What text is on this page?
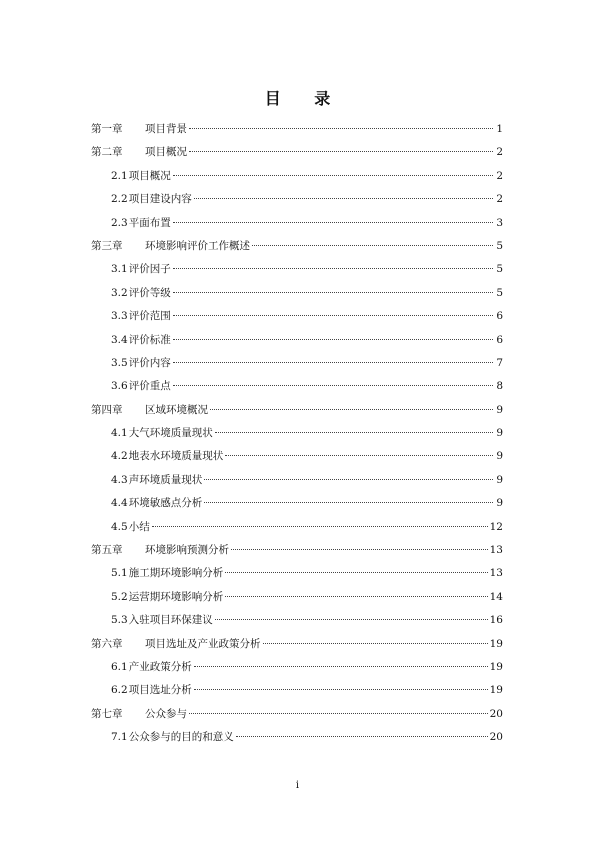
目 录
第一章 项目背景	1
第二章 项目概况	2
2.1项目概况	2
2.2项目建设内容	2
2.3平面布置	3
第三章 环境影响评价工作概述	5
3.1评价因子	5
3.2评价等级	5
3.3评价范围	6
3.4评价标准	6
3.5评价内容	7
3.6评价重点	8
第四章 区域环境概况	9
4.1大气环境质量现状	9
4.2地表水环境质量现状	9
4.3声环境质量现状	9
4.4环境敏感点分析	9
4.5小结	12
第五章 环境影响预测分析	13
5.1施工期环境影响分析	13
5.2运营期环境影响分析	14
5.3入驻项目环保建议	16
第六章 项目选址及产业政策分析	19
6.1产业政策分析	19
6.2项目选址分析	19
第七章 公众参与	20
7.1公众参与的目的和意义	20
i
